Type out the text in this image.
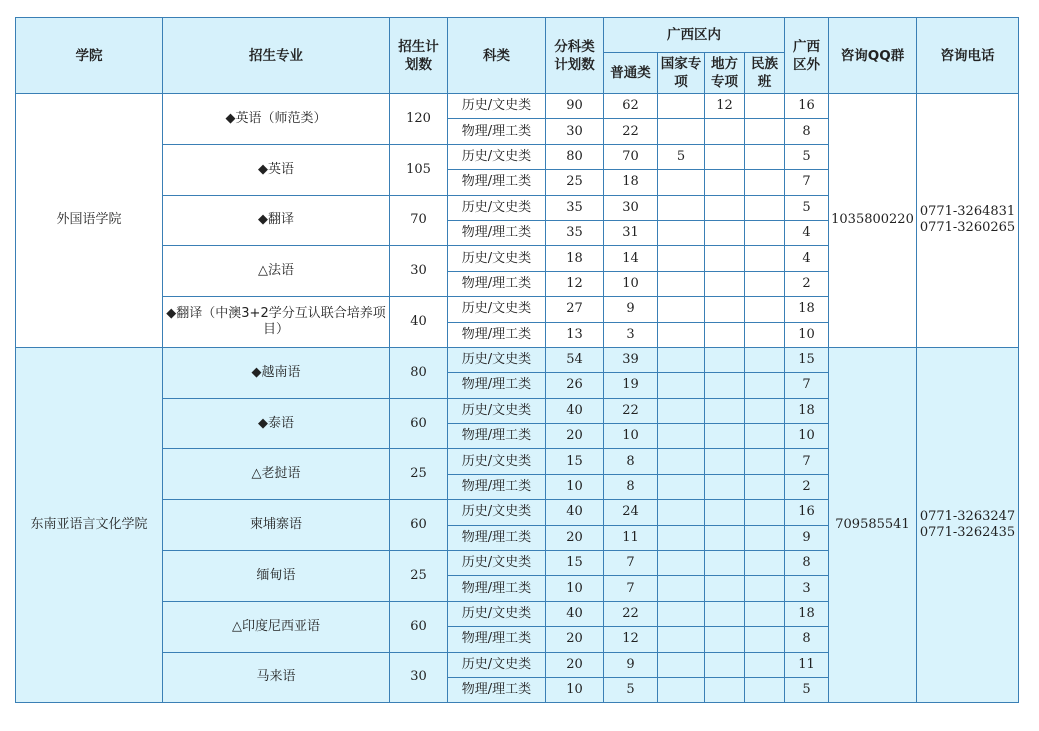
学院	招生专业	招生计划数	科类	分科类计划数	广西区内				广西区外	咨询QQ群	咨询电话
					普通类	国家专项	地方专项	民族班			
外国语学院	◆英语（师范类）	120	历史/文史类	90	62		12		16	1035800220	0771-3264831 0771-3260265
			物理/理工类	30	22				8		
	◆英语	105	历史/文史类	80	70	5			5		
			物理/理工类	25	18				7		
	◆翻译	70	历史/文史类	35	30				5		
			物理/理工类	35	31				4		
	△法语	30	历史/文史类	18	14				4		
			物理/理工类	12	10				2		
	◆翻译（中澳3+2学分互认联合培养项目）	40	历史/文史类	27	9				18		
			物理/理工类	13	3				10		
东南亚语言文化学院	◆越南语	80	历史/文史类	54	39				15	709585541	0771-3263247 0771-3262435
			物理/理工类	26	19				7		
	◆泰语	60	历史/文史类	40	22				18		
			物理/理工类	20	10				10		
	△老挝语	25	历史/文史类	15	8				7		
			物理/理工类	10	8				2		
	柬埔寨语	60	历史/文史类	40	24				16		
			物理/理工类	20	11				9		
	缅甸语	25	历史/文史类	15	7				8		
			物理/理工类	10	7				3		
	△印度尼西亚语	60	历史/文史类	40	22				18		
			物理/理工类	20	12				8		
	马来语	30	历史/文史类	20	9				11		
			物理/理工类	10	5				5		
